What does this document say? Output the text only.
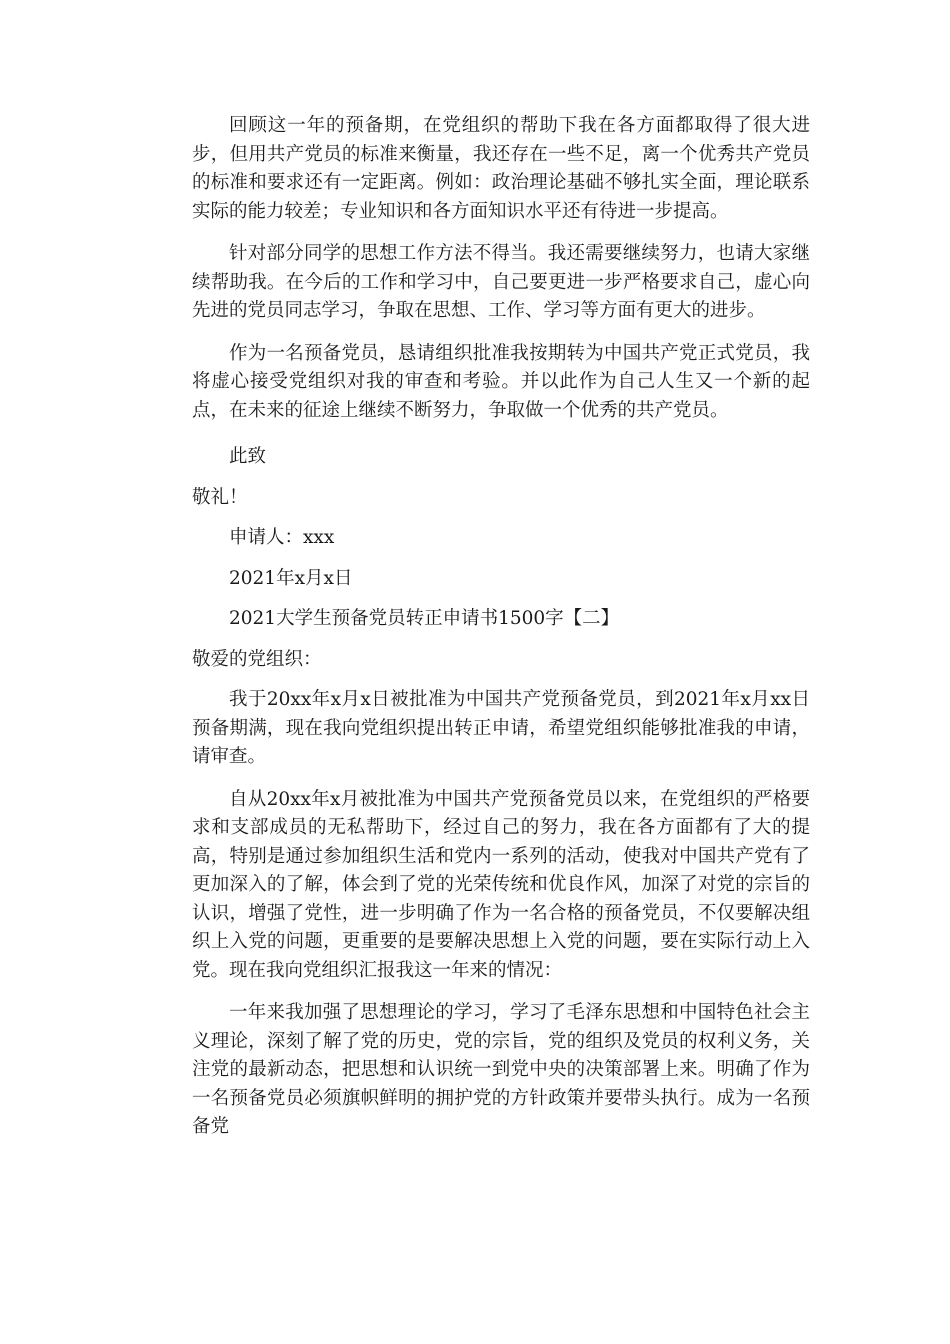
回顾这一年的预备期，在党组织的帮助下我在各方面都取得了很大进步，但用共产党员的标准来衡量，我还存在一些不足，离一个优秀共产党员的标准和要求还有一定距离。例如：政治理论基础不够扎实全面，理论联系实际的能力较差；专业知识和各方面知识水平还有待进一步提高。

针对部分同学的思想工作方法不得当。我还需要继续努力，也请大家继续帮助我。在今后的工作和学习中，自己要更进一步严格要求自己，虚心向先进的党员同志学习，争取在思想、工作、学习等方面有更大的进步。

作为一名预备党员，恳请组织批准我按期转为中国共产党正式党员，我将虚心接受党组织对我的审查和考验。并以此作为自己人生又一个新的起点，在未来的征途上继续不断努力，争取做一个优秀的共产党员。

此致

敬礼！

申请人：xxx

2021年x月x日

2021大学生预备党员转正申请书1500字【二】

敬爱的党组织：

我于20xx年x月x日被批准为中国共产党预备党员，到2021年x月xx日预备期满，现在我向党组织提出转正申请，希望党组织能够批准我的申请，请审查。

自从20xx年x月被批准为中国共产党预备党员以来，在党组织的严格要求和支部成员的无私帮助下，经过自己的努力，我在各方面都有了大的提高，特别是通过参加组织生活和党内一系列的活动，使我对中国共产党有了更加深入的了解，体会到了党的光荣传统和优良作风，加深了对党的宗旨的认识，增强了党性，进一步明确了作为一名合格的预备党员，不仅要解决组织上入党的问题，更重要的是要解决思想上入党的问题，要在实际行动上入党。现在我向党组织汇报我这一年来的情况：

一年来我加强了思想理论的学习，学习了毛泽东思想和中国特色社会主义理论，深刻了解了党的历史，党的宗旨，党的组织及党员的权利义务，关注党的最新动态，把思想和认识统一到党中央的决策部署上来。明确了作为一名预备党员必须旗帜鲜明的拥护党的方针政策并要带头执行。成为一名预备党
